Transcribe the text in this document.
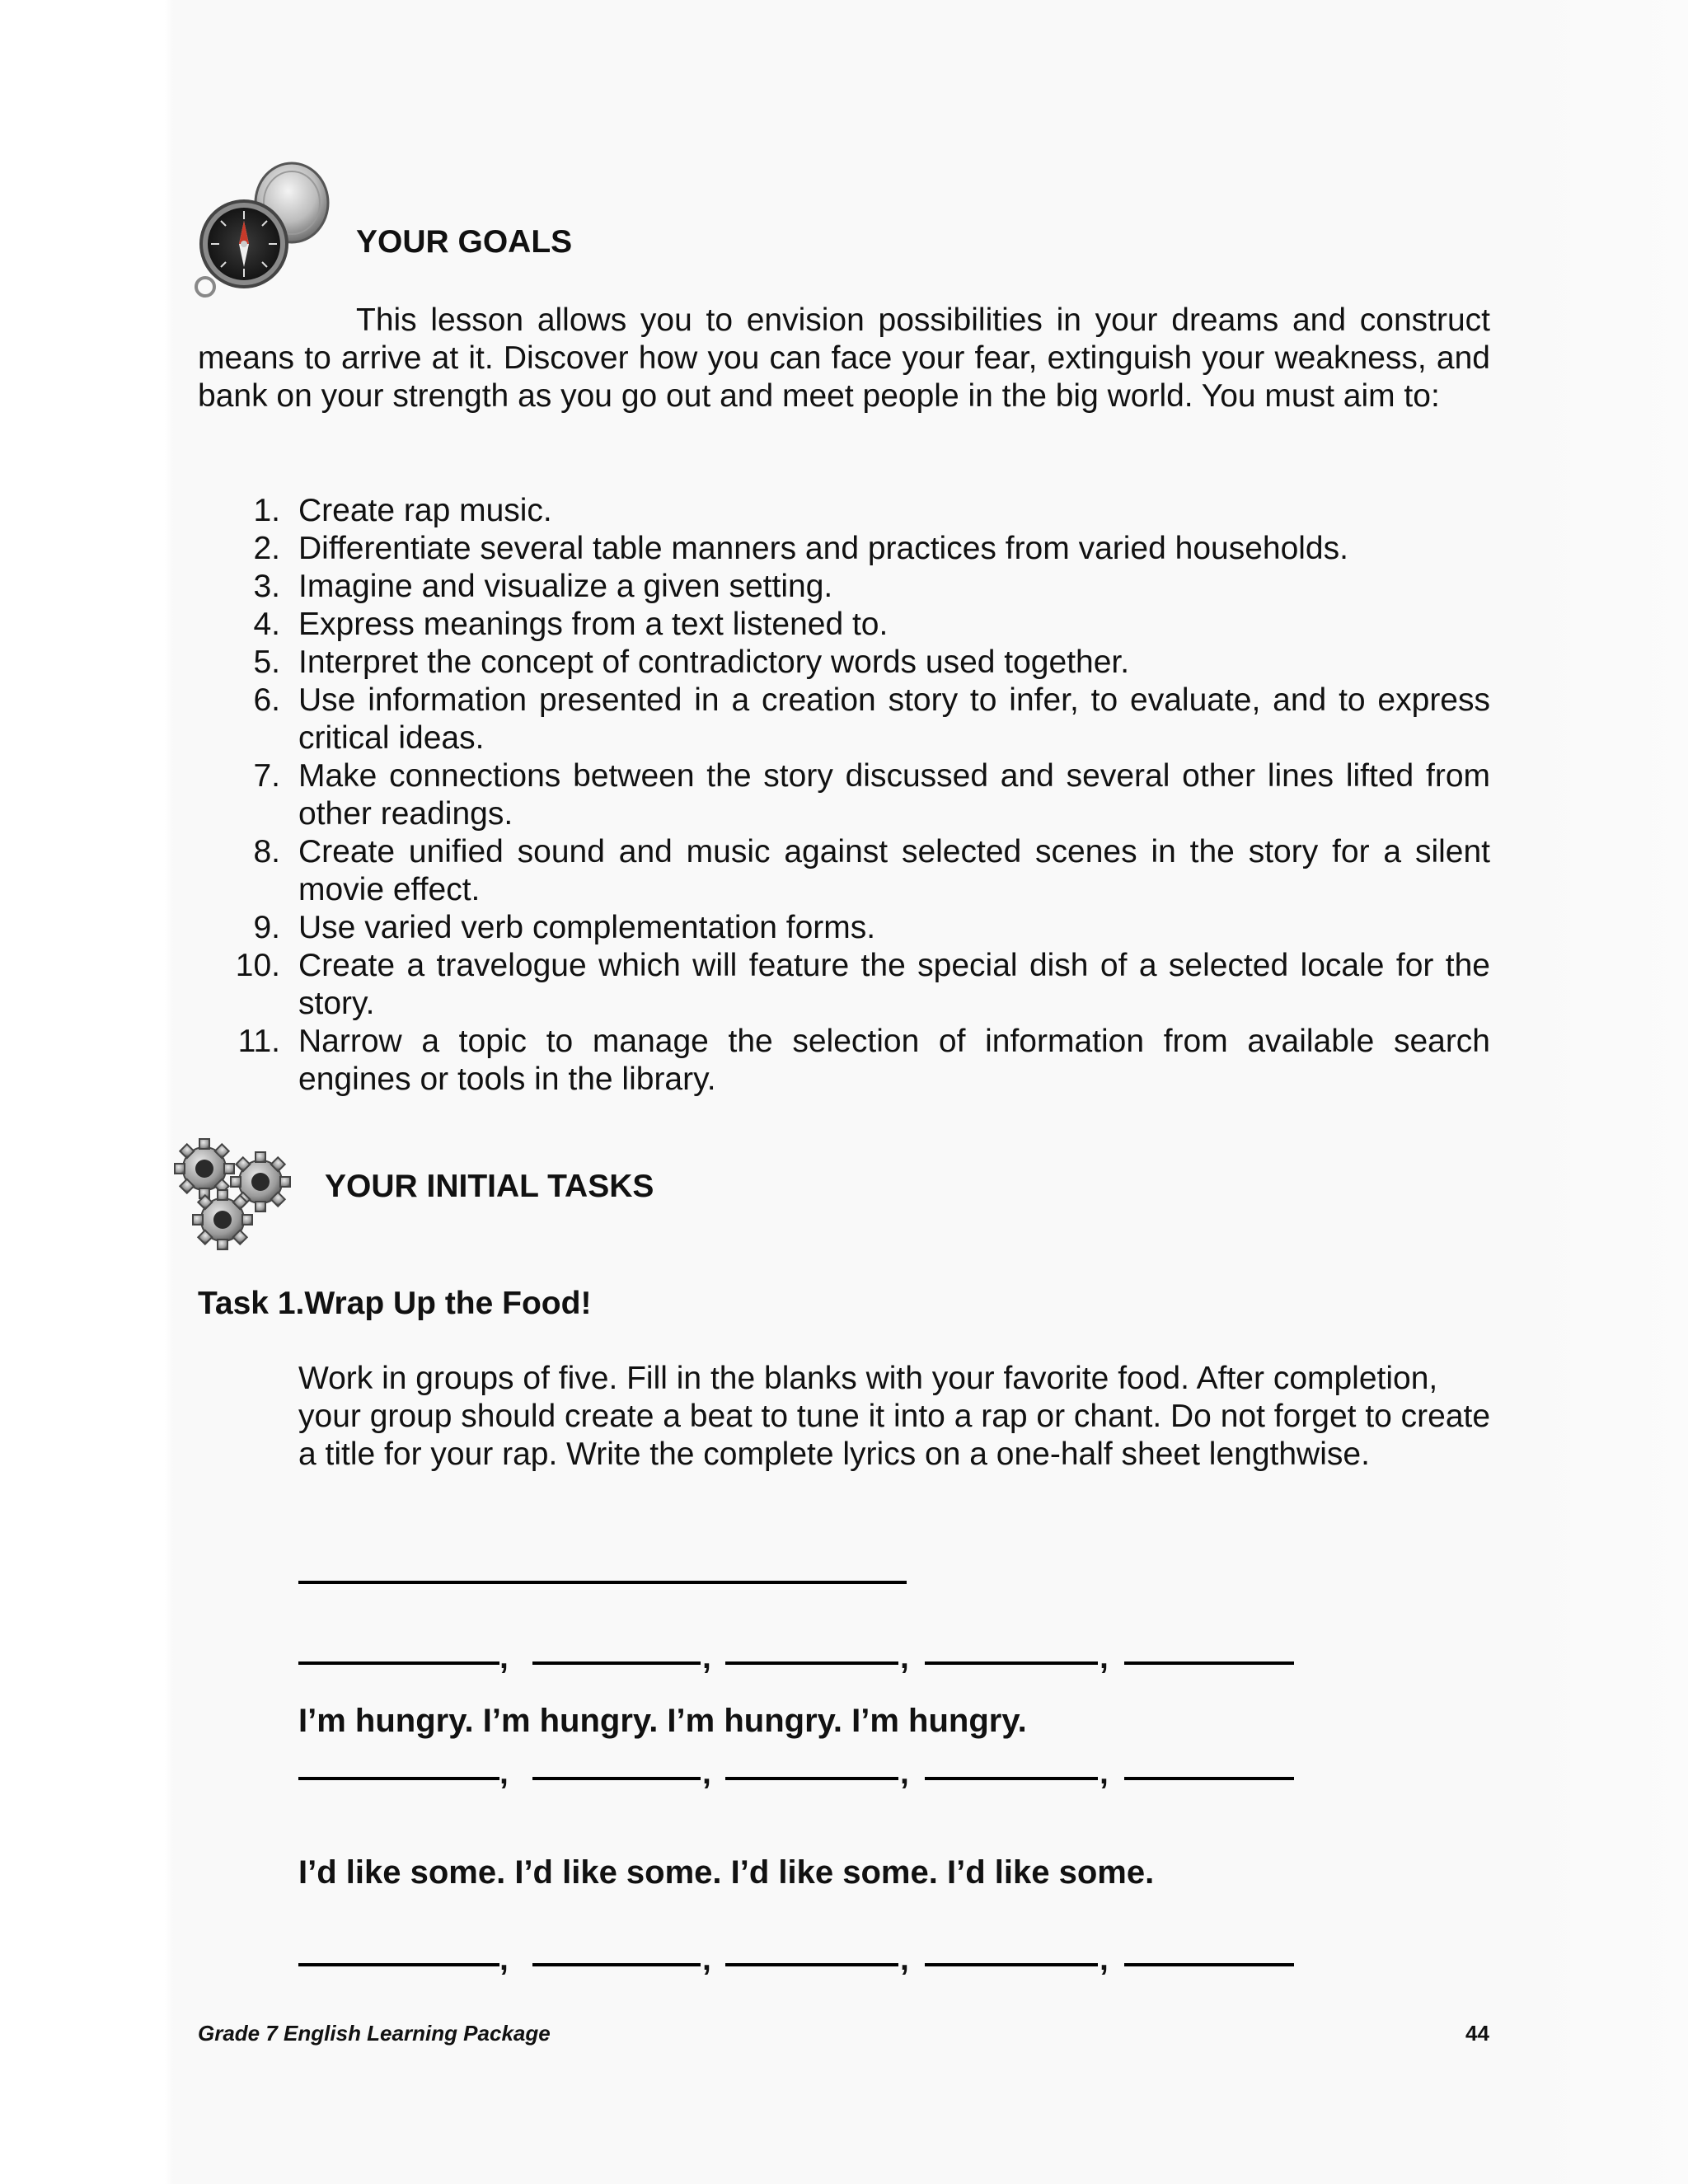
YOUR GOALS
This lesson allows you to envision possibilities in your dreams and construct means to arrive at it. Discover how you can face your fear, extinguish your weakness, and bank on your strength as you go out and meet people in the big world. You must aim to:
1. Create rap music.
2. Differentiate several table manners and practices from varied households.
3. Imagine and visualize a given setting.
4. Express meanings from a text listened to.
5. Interpret the concept of contradictory words used together.
6. Use information presented in a creation story to infer, to evaluate, and to express critical ideas.
7. Make connections between the story discussed and several other lines lifted from other readings.
8. Create unified sound and music against selected scenes in the story for a silent movie effect.
9. Use varied verb complementation forms.
10. Create a travelogue which will feature the special dish of a selected locale for the story.
11. Narrow a topic to manage the selection of information from available search engines or tools in the library.
YOUR INITIAL TASKS
Task 1.Wrap Up the Food!
Work in groups of five. Fill in the blanks with your favorite food. After completion, your group should create a beat to tune it into a rap or chant. Do not forget to create a title for your rap. Write the complete lyrics on a one-half sheet lengthwise.
,	,	,	,
I’m hungry. I’m hungry. I’m hungry. I’m hungry.
,	,	,	,
I’d like some. I’d like some. I’d like some. I’d like some.
,	,	,	,
Grade 7 English Learning Package	44
